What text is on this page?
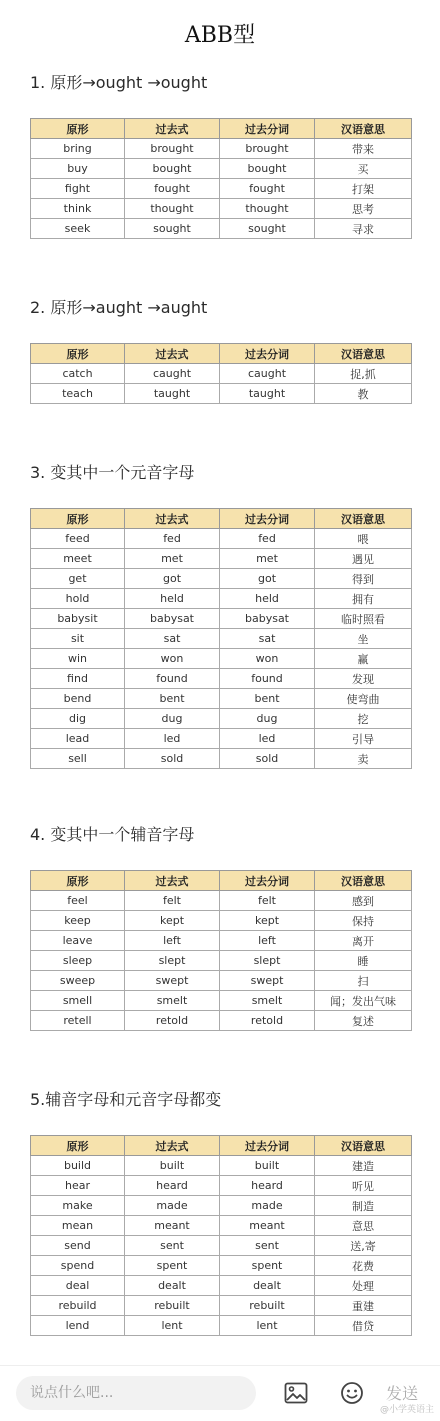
ABB型
1. 原形→ought →ought
原形	过去式	过去分词	汉语意思
bring	brought	brought	带来
buy	bought	bought	买
fight	fought	fought	打架
think	thought	thought	思考
seek	sought	sought	寻求
2. 原形→aught →aught
原形	过去式	过去分词	汉语意思
catch	caught	caught	捉,抓
teach	taught	taught	教
3. 变其中一个元音字母
原形	过去式	过去分词	汉语意思
feed	fed	fed	喂
meet	met	met	遇见
get	got	got	得到
hold	held	held	拥有
babysit	babysat	babysat	临时照看
sit	sat	sat	坐
win	won	won	赢
find	found	found	发现
bend	bent	bent	使弯曲
dig	dug	dug	挖
lead	led	led	引导
sell	sold	sold	卖
4. 变其中一个辅音字母
原形	过去式	过去分词	汉语意思
feel	felt	felt	感到
keep	kept	kept	保持
leave	left	left	离开
sleep	slept	slept	睡
sweep	swept	swept	扫
smell	smelt	smelt	闻；发出气味
retell	retold	retold	复述
5.辅音字母和元音字母都变
原形	过去式	过去分词	汉语意思
build	built	built	建造
hear	heard	heard	听见
make	made	made	制造
mean	meant	meant	意思
send	sent	sent	送,寄
spend	spent	spent	花费
deal	dealt	dealt	处理
rebuild	rebuilt	rebuilt	重建
lend	lent	lent	借贷
说点什么吧...
发送
@小学英语主
